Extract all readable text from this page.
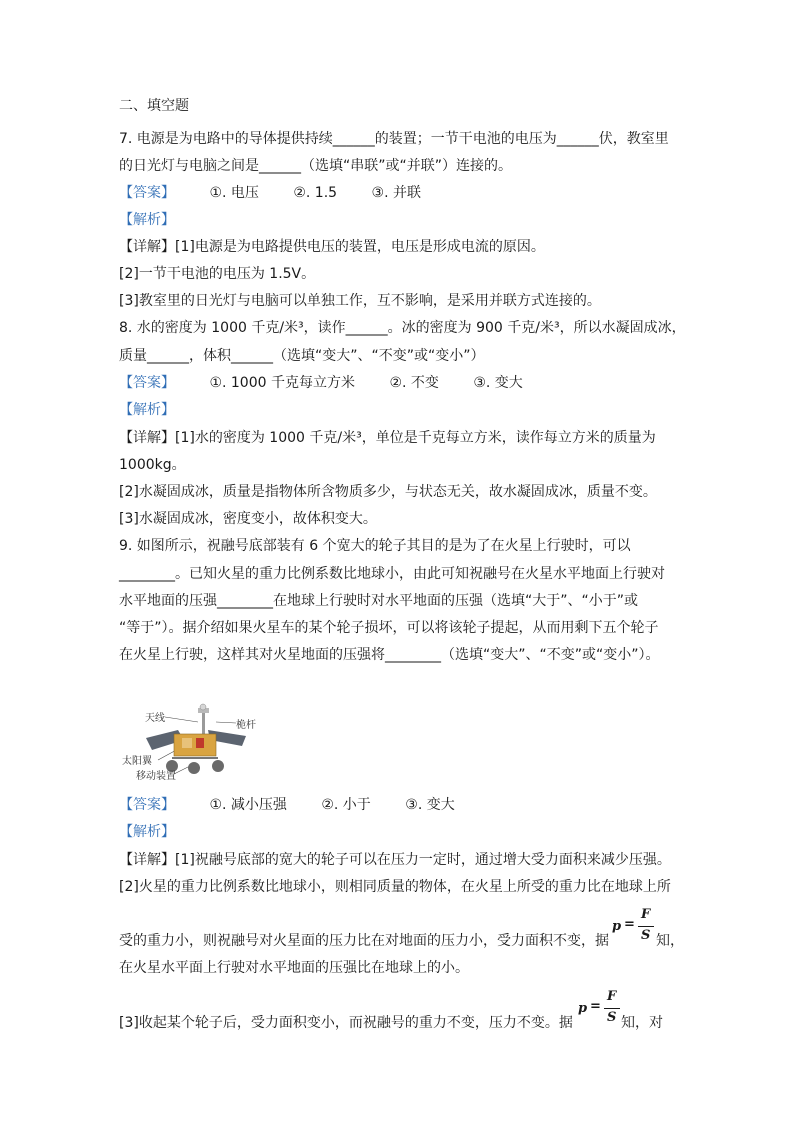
二、填空题
7. 电源是为电路中的导体提供持续______的装置；一节干电池的电压为______伏，教室里
的日光灯与电脑之间是______（选填“串联”或“并联”）连接的。
【答案】 ①. 电压 ②. 1.5 ③. 并联
【解析】
【详解】[1]电源是为电路提供电压的装置，电压是形成电流的原因。
[2]一节干电池的电压为 1.5V。
[3]教室里的日光灯与电脑可以单独工作，互不影响，是采用并联方式连接的。
8. 水的密度为 1000 千克/米³，读作______。冰的密度为 900 千克/米³，所以水凝固成冰，
质量______，体积______（选填“变大”、“不变”或“变小”）
【答案】 ①. 1000 千克每立方米 ②. 不变 ③. 变大
【解析】
【详解】[1]水的密度为 1000 千克/米³，单位是千克每立方米，读作每立方米的质量为
1000kg。
[2]水凝固成冰，质量是指物体所含物质多少，与状态无关，故水凝固成冰，质量不变。
[3]水凝固成冰，密度变小，故体积变大。
9. 如图所示，祝融号底部装有 6 个宽大的轮子其目的是为了在火星上行驶时，可以
________。已知火星的重力比例系数比地球小，由此可知祝融号在火星水平地面上行驶对
水平地面的压强________在地球上行驶时对水平地面的压强（选填“大于”、“小于”或
“等于”）。据介绍如果火星车的某个轮子损坏，可以将该轮子提起，从而用剩下五个轮子
在火星上行驶，这样其对火星地面的压强将________（选填“变大”、“不变”或“变小”）。
天线
桅杆
太阳翼
移动装置
【答案】 ①. 减小压强 ②. 小于 ③. 变大
【解析】
【详解】[1]祝融号底部的宽大的轮子可以在压力一定时，通过增大受力面积来减少压强。
[2]火星的重力比例系数比地球小，则相同质量的物体，在火星上所受的重力比在地球上所
受的重力小，则祝融号对火星面的压力比在对地面的压力小，受力面积不变，据
p =
F
S 知，
在火星水平面上行驶对水平地面的压强比在地球上的小。
[3]收起某个轮子后，受力面积变小，而祝融号的重力不变，压力不变。据
p =
F
S 知，对
